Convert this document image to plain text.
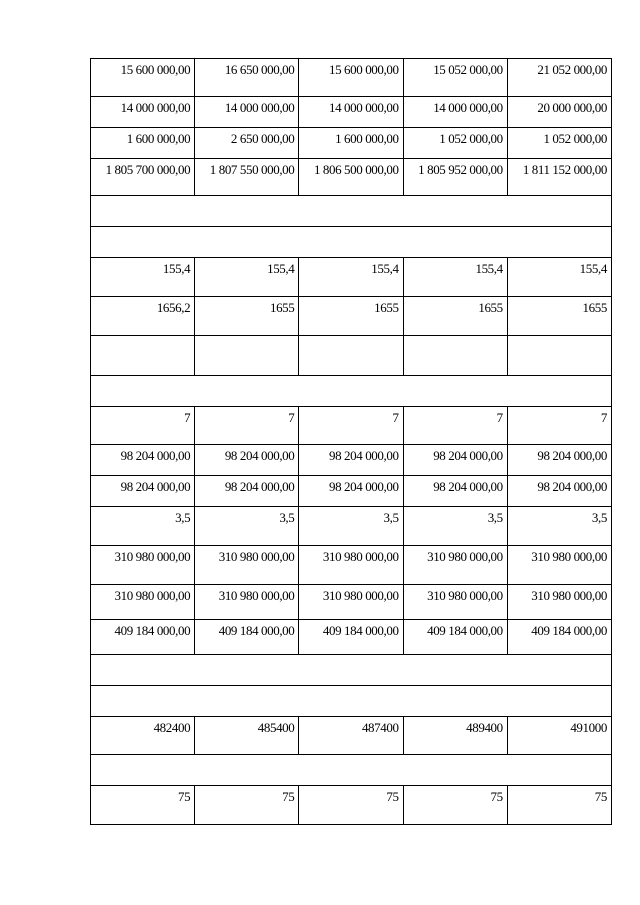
15 600 000,00	16 650 000,00	15 600 000,00	15 052 000,00	21 052 000,00
14 000 000,00	14 000 000,00	14 000 000,00	14 000 000,00	20 000 000,00
1 600 000,00	2 650 000,00	1 600 000,00	1 052 000,00	1 052 000,00
1 805 700 000,00	1 807 550 000,00	1 806 500 000,00	1 805 952 000,00	1 811 152 000,00

155,4	155,4	155,4	155,4	155,4
1656,2	1655	1655	1655	1655

7	7	7	7	7
98 204 000,00	98 204 000,00	98 204 000,00	98 204 000,00	98 204 000,00
98 204 000,00	98 204 000,00	98 204 000,00	98 204 000,00	98 204 000,00
3,5	3,5	3,5	3,5	3,5
310 980 000,00	310 980 000,00	310 980 000,00	310 980 000,00	310 980 000,00
310 980 000,00	310 980 000,00	310 980 000,00	310 980 000,00	310 980 000,00
409 184 000,00	409 184 000,00	409 184 000,00	409 184 000,00	409 184 000,00

482400	485400	487400	489400	491000

75	75	75	75	75
